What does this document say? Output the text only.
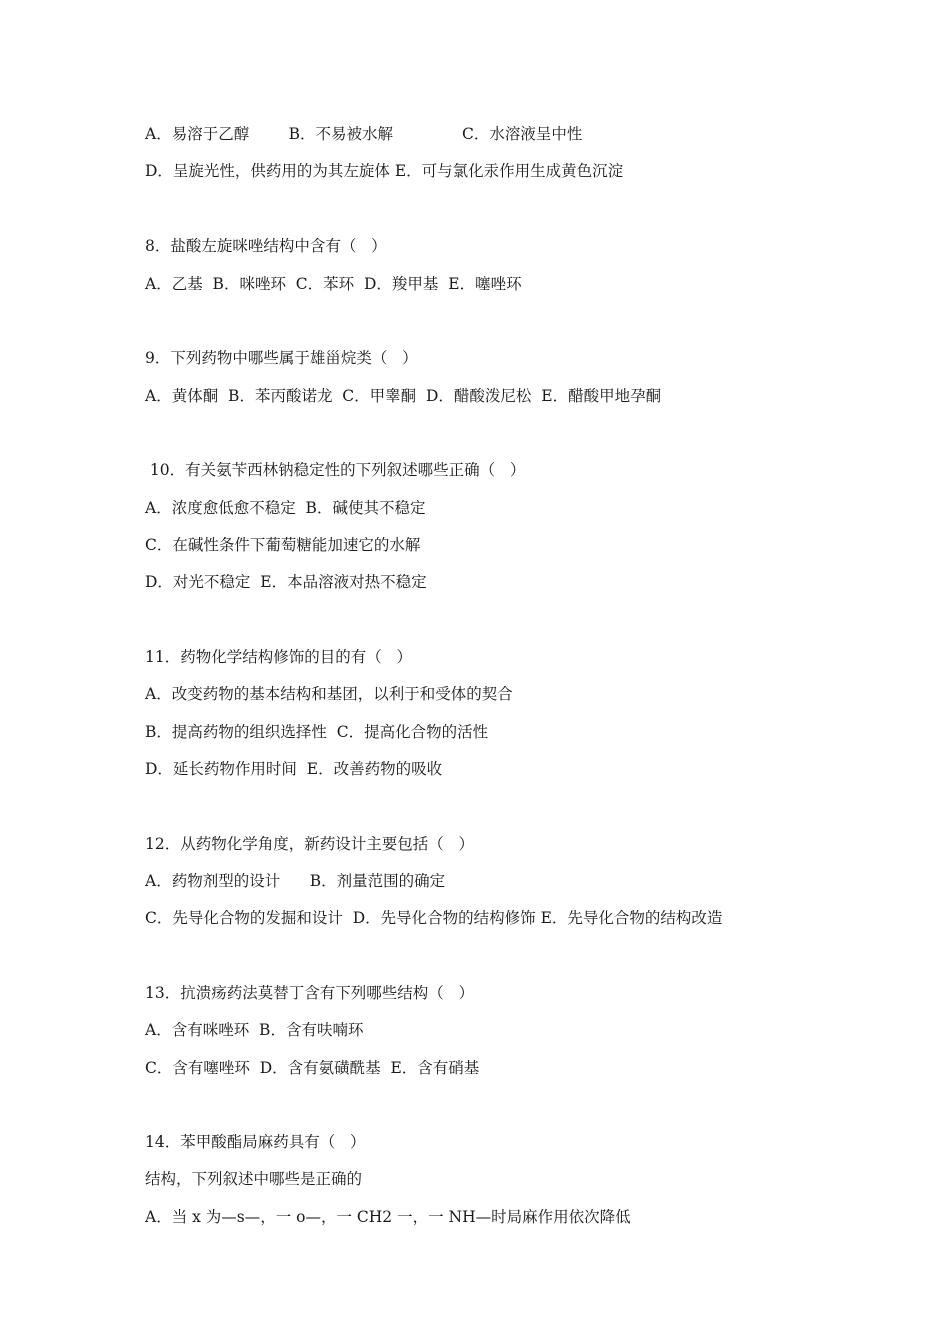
A．易溶于乙醇        B．不易被水解              C．水溶液呈中性
D．呈旋光性，供药用的为其左旋体 E．可与氯化汞作用生成黄色沉淀
8．盐酸左旋咪唑结构中含有（   ）
A．乙基  B．咪唑环  C．苯环  D．羧甲基  E．噻唑环
9．下列药物中哪些属于雄甾烷类（   ）
A．黄体酮  B．苯丙酸诺龙  C．甲睾酮  D．醋酸泼尼松  E．醋酸甲地孕酮
10．有关氨苄西林钠稳定性的下列叙述哪些正确（   ）
A．浓度愈低愈不稳定  B．碱使其不稳定
C．在碱性条件下葡萄糖能加速它的水解
D．对光不稳定  E．本品溶液对热不稳定
11．药物化学结构修饰的目的有（   ）
A．改变药物的基本结构和基团，以利于和受体的契合
B．提高药物的组织选择性  C．提高化合物的活性
D．延长药物作用时间  E．改善药物的吸收
12．从药物化学角度，新药设计主要包括（   ）
A．药物剂型的设计      B．剂量范围的确定
C．先导化合物的发掘和设计  D．先导化合物的结构修饰 E．先导化合物的结构改造
13．抗溃疡药法莫替丁含有下列哪些结构（   ）
A．含有咪唑环  B．含有呋喃环
C．含有噻唑环  D．含有氨磺酰基  E．含有硝基
14．苯甲酸酯局麻药具有（   ）
结构，下列叙述中哪些是正确的
A．当 x 为—s—，一 o—，一 CH2 一，一 NH—时局麻作用依次降低
